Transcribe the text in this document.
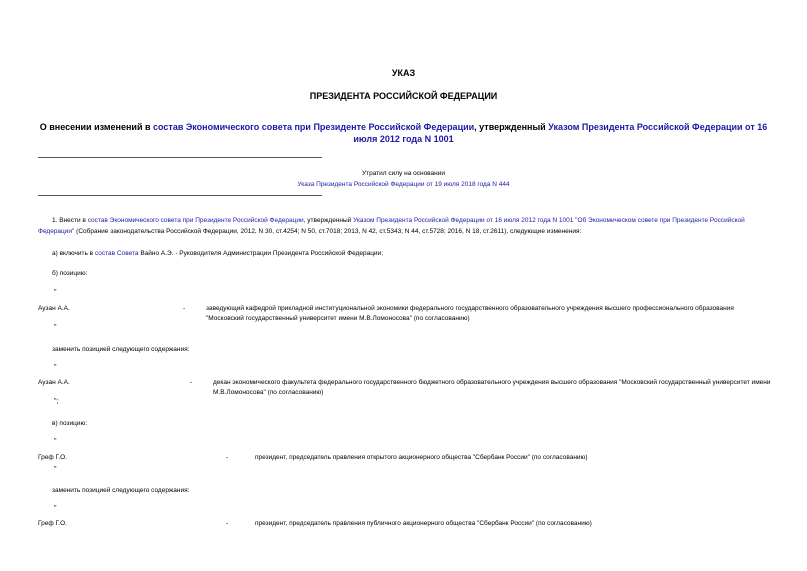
УКАЗ
ПРЕЗИДЕНТА РОССИЙСКОЙ ФЕДЕРАЦИИ
О внесении изменений в состав Экономического совета при Президенте Российской Федерации, утвержденный Указом Президента Российской Федерации от 16 июля 2012 года N 1001
Утратил силу на основании
Указа Президента Российской Федерации от 19 июля 2018 года N 444
1. Внести в состав Экономического совета при Президенте Российской Федерации, утвержденный Указом Президента Российской Федерации от 16 июля 2012 года N 1001 "Об Экономическом совете при Президенте Российской Федерации" (Собрание законодательства Российской Федерации, 2012, N 30, ст.4254; N 50, ст.7018; 2013, N 42, ст.5343; N 44, ст.5728; 2016, N 18, ст.2611), следующие изменения:
а) включить в состав Совета Вайно А.Э. - Руководителя Администрации Президента Российской Федерации;
б) позицию:
"
Аузан А.А.	-	заведующий кафедрой прикладной институциональной экономики федерального государственного образовательного учреждения высшего профессионального образования "Московский государственный университет имени М.В.Ломоносова" (по согласованию)
"
заменить позицией следующего содержания:
"
Аузан А.А.	-	декан экономического факультета федерального государственного бюджетного образовательного учреждения высшего образования "Московский государственный университет имени М.В.Ломоносова" (по согласованию)
";
в) позицию:
"
Греф Г.О.	-	президент, председатель правления открытого акционерного общества "Сбербанк России" (по согласованию)
"
заменить позицией следующего содержания:
"
Греф Г.О.	-	президент, председатель правления публичного акционерного общества "Сбербанк России" (по согласованию)
